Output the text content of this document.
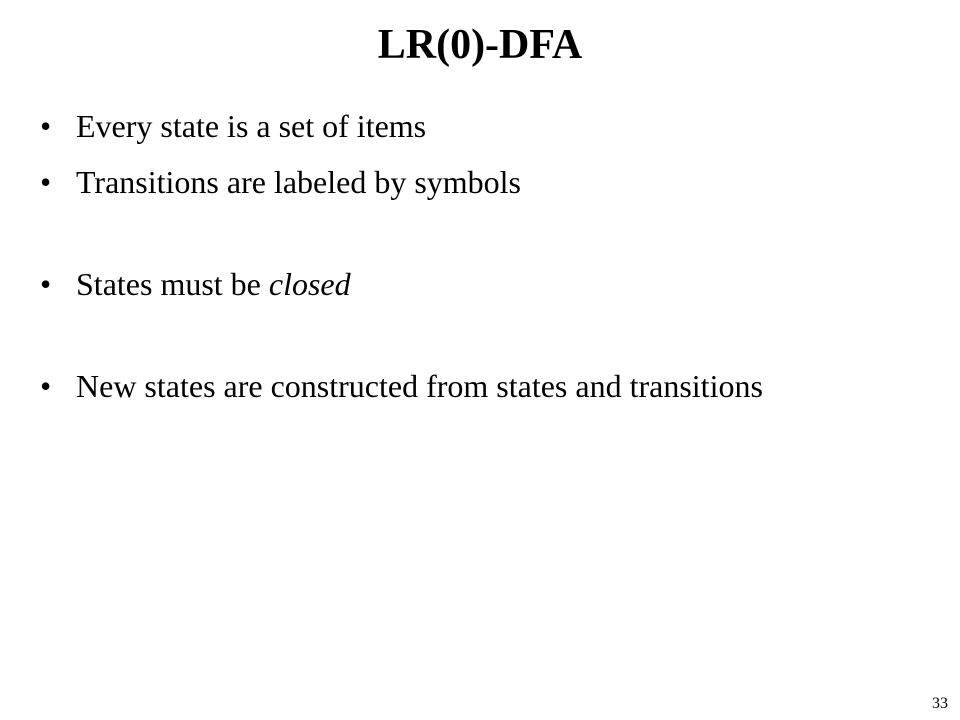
LR(0)-DFA
• Every state is a set of items
• Transitions are labeled by symbols
• States must be closed
• New states are constructed from states and transitions
33
